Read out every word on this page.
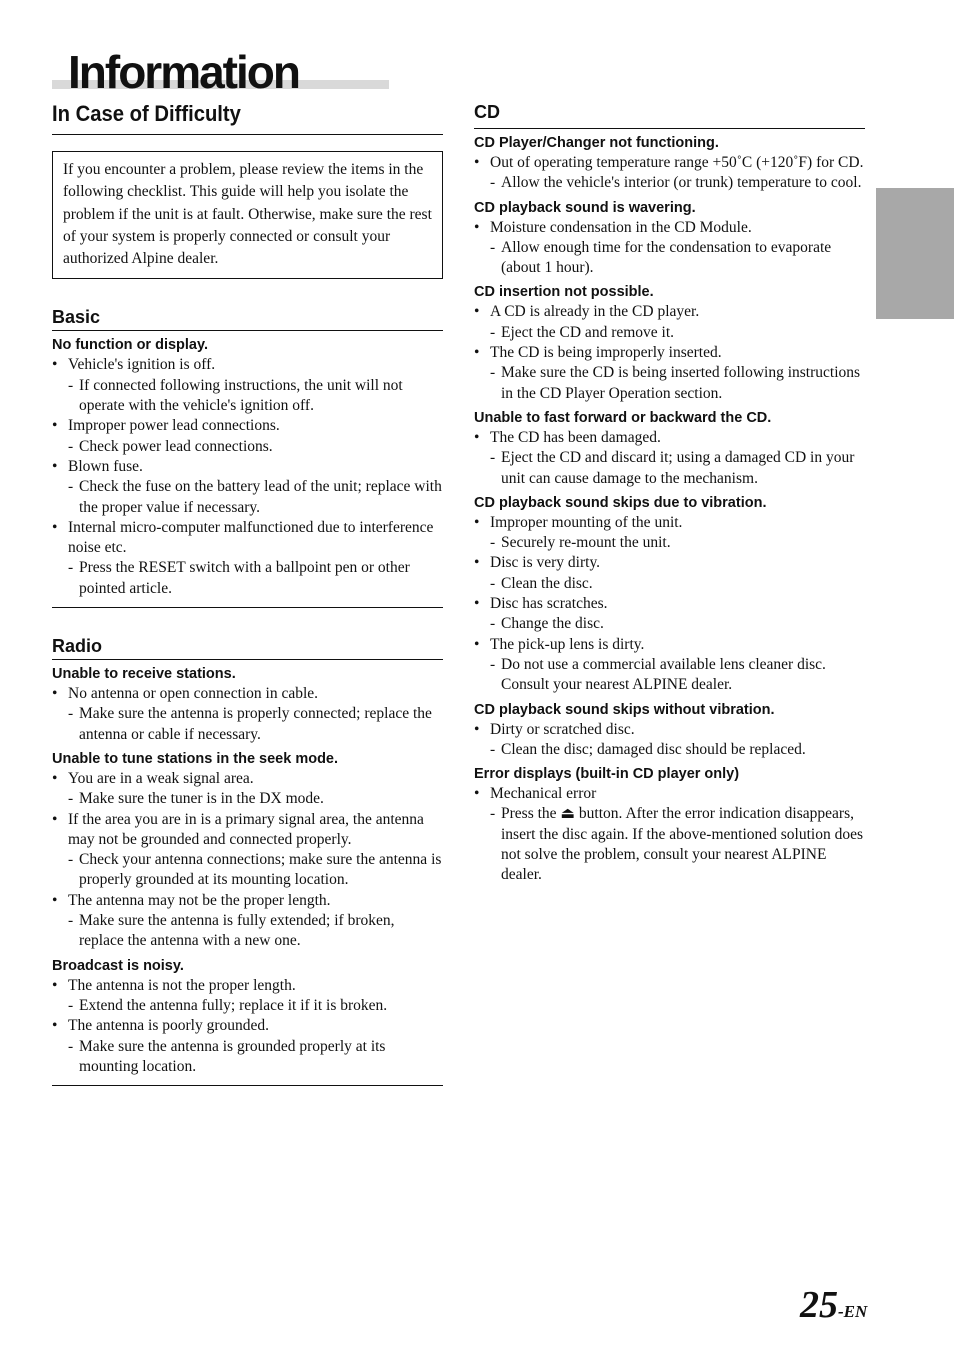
Information
In Case of Difficulty
If you encounter a problem, please review the items in the following checklist. This guide will help you isolate the problem if the unit is at fault. Otherwise, make sure the rest of your system is properly connected or consult your authorized Alpine dealer.
Basic
No function or display.
• Vehicle's ignition is off.
- If connected following instructions, the unit will not operate with the vehicle's ignition off.
• Improper power lead connections.
- Check power lead connections.
• Blown fuse.
- Check the fuse on the battery lead of the unit; replace with the proper value if necessary.
• Internal micro-computer malfunctioned due to interference noise etc.
- Press the RESET switch with a ballpoint pen or other pointed article.
Radio
Unable to receive stations.
• No antenna or open connection in cable.
- Make sure the antenna is properly connected; replace the antenna or cable if necessary.
Unable to tune stations in the seek mode.
• You are in a weak signal area.
- Make sure the tuner is in the DX mode.
• If the area you are in is a primary signal area, the antenna may not be grounded and connected properly.
- Check your antenna connections; make sure the antenna is properly grounded at its mounting location.
• The antenna may not be the proper length.
- Make sure the antenna is fully extended; if broken, replace the antenna with a new one.
Broadcast is noisy.
• The antenna is not the proper length.
- Extend the antenna fully; replace it if it is broken.
• The antenna is poorly grounded.
- Make sure the antenna is grounded properly at its mounting location.
CD
CD Player/Changer not functioning.
• Out of operating temperature range +50˚C (+120˚F) for CD.
- Allow the vehicle's interior (or trunk) temperature to cool.
CD playback sound is wavering.
• Moisture condensation in the CD Module.
- Allow enough time for the condensation to evaporate (about 1 hour).
CD insertion not possible.
• A CD is already in the CD player.
- Eject the CD and remove it.
• The CD is being improperly inserted.
- Make sure the CD is being inserted following instructions in the CD Player Operation section.
Unable to fast forward or backward the CD.
• The CD has been damaged.
- Eject the CD and discard it; using a damaged CD in your unit can cause damage to the mechanism.
CD playback sound skips due to vibration.
• Improper mounting of the unit.
- Securely re-mount the unit.
• Disc is very dirty.
- Clean the disc.
• Disc has scratches.
- Change the disc.
• The pick-up lens is dirty.
- Do not use a commercial available lens cleaner disc. Consult your nearest ALPINE dealer.
CD playback sound skips without vibration.
• Dirty or scratched disc.
- Clean the disc; damaged disc should be replaced.
Error displays (built-in CD player only)
• Mechanical error
- Press the ⏏ button. After the error indication disappears, insert the disc again. If the above-mentioned solution does not solve the problem, consult your nearest ALPINE dealer.
25-EN
